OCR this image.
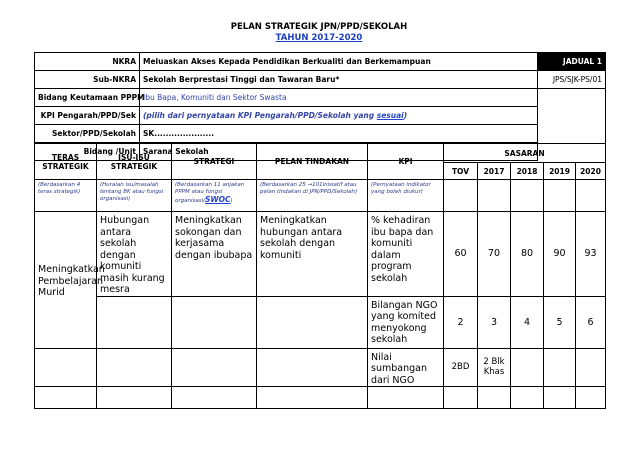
PELAN STRATEGIK JPN/PPD/SEKOLAH
TAHUN 2017-2020
NKRA	Meluaskan Akses Kepada Pendidikan Berkualiti dan Berkemampuan	JADUAL 1
Sub-NKRA	Sekolah Berprestasi Tinggi dan Tawaran Baru*	JPS/SJK-PS/01
Bidang Keutamaan PPPM	Ibu Bapa, Komuniti dan Sektor Swasta	
KPI Pengarah/PPD/Sek	(pilih dari pernyataan KPI Pengarah/PPD/Sekolah yang sesuai)	
Sektor/PPD/Sekolah	SK.....................	
Bidang /Unit	Sarana Sekolah	
TERAS STRATEGIK	ISU-ISU STRATEGIK	STRATEGI	PELAN TINDAKAN	KPI	SASARAN				
					TOV	2017	2018	2019	2020
(Berdasarkan 4 teras strategik)	(Huraian isu/masalah tentang BK atau fungsi organisasi)	(Berdasarkan 11 anjakan PPPM atau fungsi organisasi/SWOC)	(Berdasarkan 25 →101inisiatif atau pelan tindakan di JPN/PPD/Sekolah)	(Pernyataan indikator yang boleh diukur)					
Meningkatkan Pembelajaran Murid	Hubungan antara sekolah dengan komuniti masih kurang mesra	Meningkatkan sokongan dan kerjasama dengan ibubapa	Meningkatkan hubungan antara sekolah dengan komuniti	% kehadiran ibu bapa dan komuniti dalam program sekolah	60	70	80	90	93
				Bilangan NGO yang komited menyokong sekolah	2	3	4	5	6
				Nilai sumbangan dari NGO	2BD	2 Blk Khas			
